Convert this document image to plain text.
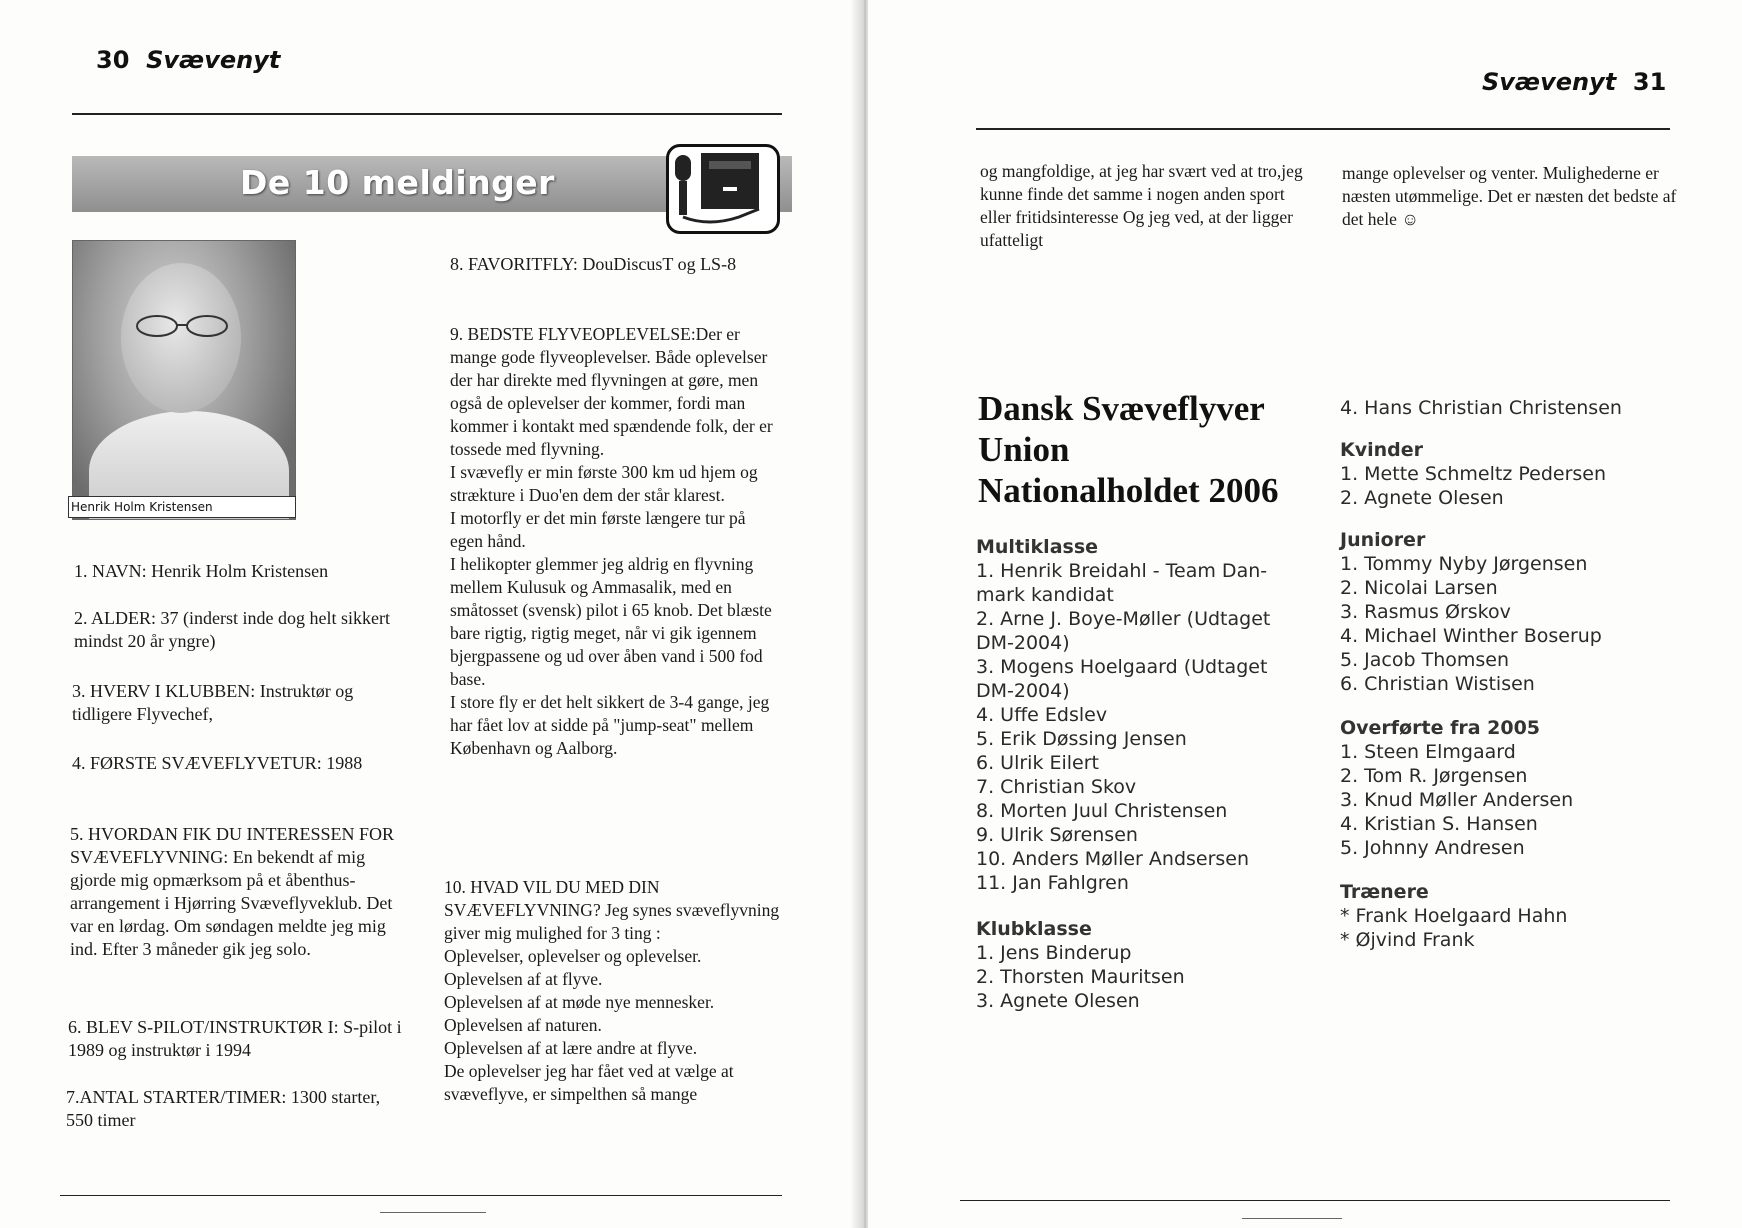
30 Svævenyt
De 10 meldinger
Henrik Holm Kristensen
1. NAVN: Henrik Holm Kristensen
2. ALDER: 37 (inderst inde dog helt sikkert mindst 20 år yngre)
3. HVERV I KLUBBEN: Instruktør og tidligere Flyvechef,
4. FØRSTE SVÆVEFLYVETUR: 1988
5. HVORDAN FIK DU INTERESSEN FOR SVÆVEFLYVNING: En bekendt af mig gjorde mig opmærksom på et åbenthus-arrangement i Hjørring Svæveflyveklub. Det var en lørdag. Om søndagen meldte jeg mig ind. Efter 3 måneder gik jeg solo.
6. BLEV S-PILOT/INSTRUKTØR I: S-pilot i 1989 og instruktør i 1994
7.ANTAL STARTER/TIMER: 1300 starter, 550 timer
8. FAVORITFLY: DouDiscusT og LS-8

9. BEDSTE FLYVEOPLEVELSE:Der er mange gode flyveoplevelser. Både oplevelser der har direkte med flyvningen at gøre, men også de oplevelser der kommer, fordi man kommer i kontakt med spændende folk, der er tossede med flyvning.

I svævefly er min første 300 km ud hjem og strækture i Duo'en dem der står klarest.

I motorfly er det min første længere tur på egen hånd.

I helikopter glemmer jeg aldrig en flyvning mellem Kulusuk og Ammasalik, med en småtosset (svensk) pilot i 65 knob. Det blæste bare rigtig, rigtig meget, når vi gik igennem bjergpassene og ud over åben vand i 500 fod base.

I store fly er det helt sikkert de 3-4 gange, jeg har fået lov at sidde på "jump-seat" mellem København og Aalborg.

10. HVAD VIL DU MED DIN SVÆVEFLYVNING? Jeg synes svæveflyvning giver mig mulighed for 3 ting :

Oplevelser, oplevelser og oplevelser.

Oplevelsen af at flyve.

Oplevelsen af at møde nye mennesker.

Oplevelsen af naturen.

Oplevelsen af at lære andre at flyve.

De oplevelser jeg har fået ved at vælge at svæveflyve, er simpelthen så mange

Svævenyt 31
og mangfoldige, at jeg har svært ved at tro,jeg kunne finde det samme i nogen anden sport eller fritidsinteresse Og jeg ved, at der ligger ufatteligt
mange oplevelser og venter. Mulighederne er næsten utømmelige. Det er næsten det bedste af det hele ☺
Dansk Svæveflyver
Union
Nationalholdet 2006
Multiklasse
1. Henrik Breidahl - Team Dan-
mark kandidat
2. Arne J. Boye-Møller (Udtaget
DM-2004)
3. Mogens Hoelgaard (Udtaget
DM-2004)
4. Uffe Edslev
5. Erik Døssing Jensen
6. Ulrik Eilert
7. Christian Skov
8. Morten Juul Christensen
9. Ulrik Sørensen
10. Anders Møller Andsersen
11. Jan Fahlgren
Klubklasse
1. Jens Binderup
2. Thorsten Mauritsen
3. Agnete Olesen
4. Hans Christian Christensen
Kvinder
1. Mette Schmeltz Pedersen
2. Agnete Olesen
Juniorer
1. Tommy Nyby Jørgensen
2. Nicolai Larsen
3. Rasmus Ørskov
4. Michael Winther Boserup
5. Jacob Thomsen
6. Christian Wistisen
Overførte fra 2005
1. Steen Elmgaard
2. Tom R. Jørgensen
3. Knud Møller Andersen
4. Kristian S. Hansen
5. Johnny Andresen
Trænere
* Frank Hoelgaard Hahn
* Øjvind Frank
